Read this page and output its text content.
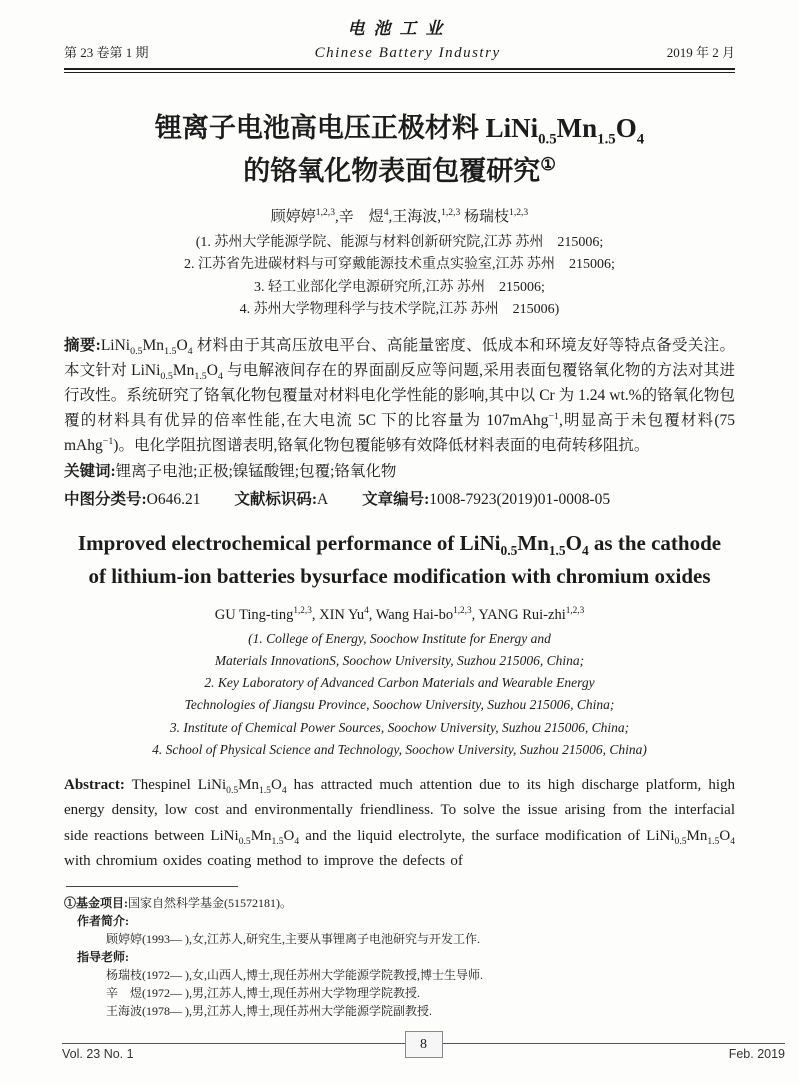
电池工业
第 23 卷第 1 期	Chinese Battery Industry	2019 年 2 月
锂离子电池高电压正极材料 $LiNi_{0.5}Mn_{1.5}O_4$
的铬氧化物表面包覆研究①
顾婷婷$^{1,2,3}$,辛　煜$^4$,王海波,$^{1,2,3}$ 杨瑞枝$^{1,2,3}$
(1. 苏州大学能源学院、能源与材料创新研究院,江苏 苏州　215006;
2. 江苏省先进碳材料与可穿戴能源技术重点实验室,江苏 苏州　215006;
3. 轻工业部化学电源研究所,江苏 苏州　215006;
4. 苏州大学物理科学与技术学院,江苏 苏州　215006)

摘要$:LiNi_{0.5}Mn_{1.5}O_4$ 材料由于其高压放电平台、高能量密度、低成本和环境友好等特点备受关注。本文针对 $LiNi_{0.5}Mn_{1.5}O_4$ 与电解液间存在的界面副反应等问题,采用表面包覆铬氧化物的方法对其进行改性。系统研究了铬氧化物包覆量对材料电化学性能的影响,其中以 Cr 为 1.24 wt.%的铬氧化物包覆的材料具有优异的倍率性能,在大电流 5C 下的比容量为 107mAhg$^{-1}$,明显高于未包覆材料(75 mAhg$^{-1}$)。电化学阻抗图谱表明,铬氧化物包覆能够有效降低材料表面的电荷转移阻抗。

关键词:锂离子电池;正极;镍锰酸锂;包覆;铬氧化物

中图分类号:O646.21 文献标识码:A 文章编号:1008-7923(2019)01-0008-05

Improved electrochemical performance of $LiNi_{0.5}Mn_{1.5}O_4$ as the cathode
of lithium-ion batteries bysurface modification with chromium oxides
GU Ting-ting$^{1,2,3}$, XIN Yu$^4$, Wang Hai-bo$^{1,2,3}$, YANG Rui-zhi$^{1,2,3}$
(1. College of Energy, Soochow Institute for Energy and
Materials InnovationS, Soochow University, Suzhou 215006, China;
2. Key Laboratory of Advanced Carbon Materials and Wearable Energy
Technologies of Jiangsu Province, Soochow University, Suzhou 215006, China;
3. Institute of Chemical Power Sources, Soochow University, Suzhou 215006, China;
4. School of Physical Science and Technology, Soochow University, Suzhou 215006, China)

Abstract: Thespinel $LiNi_{0.5}Mn_{1.5}O_4$ has attracted much attention due to its high discharge platform, high energy density, low cost and environmentally friendliness. To solve the issue arising from the interfacial side reactions between $LiNi_{0.5}Mn_{1.5}O_4$ and the liquid electrolyte, the surface modification of $LiNi_{0.5}Mn_{1.5}O_4$ with chromium oxides coating method to improve the defects of

①基金项目:国家自然科学基金(51572181)。
作者简介:
顾婷婷(1993— ),女,江苏人,研究生,主要从事锂离子电池研究与开发工作.
指导老师:
杨瑞枝(1972— ),女,山西人,博士,现任苏州大学能源学院教授,博士生导师.
辛　煜(1972— ),男,江苏人,博士,现任苏州大学物理学院教授.
王海波(1978— ),男,江苏人,博士,现任苏州大学能源学院副教授.
8
Vol. 23 No. 1	Feb. 2019
